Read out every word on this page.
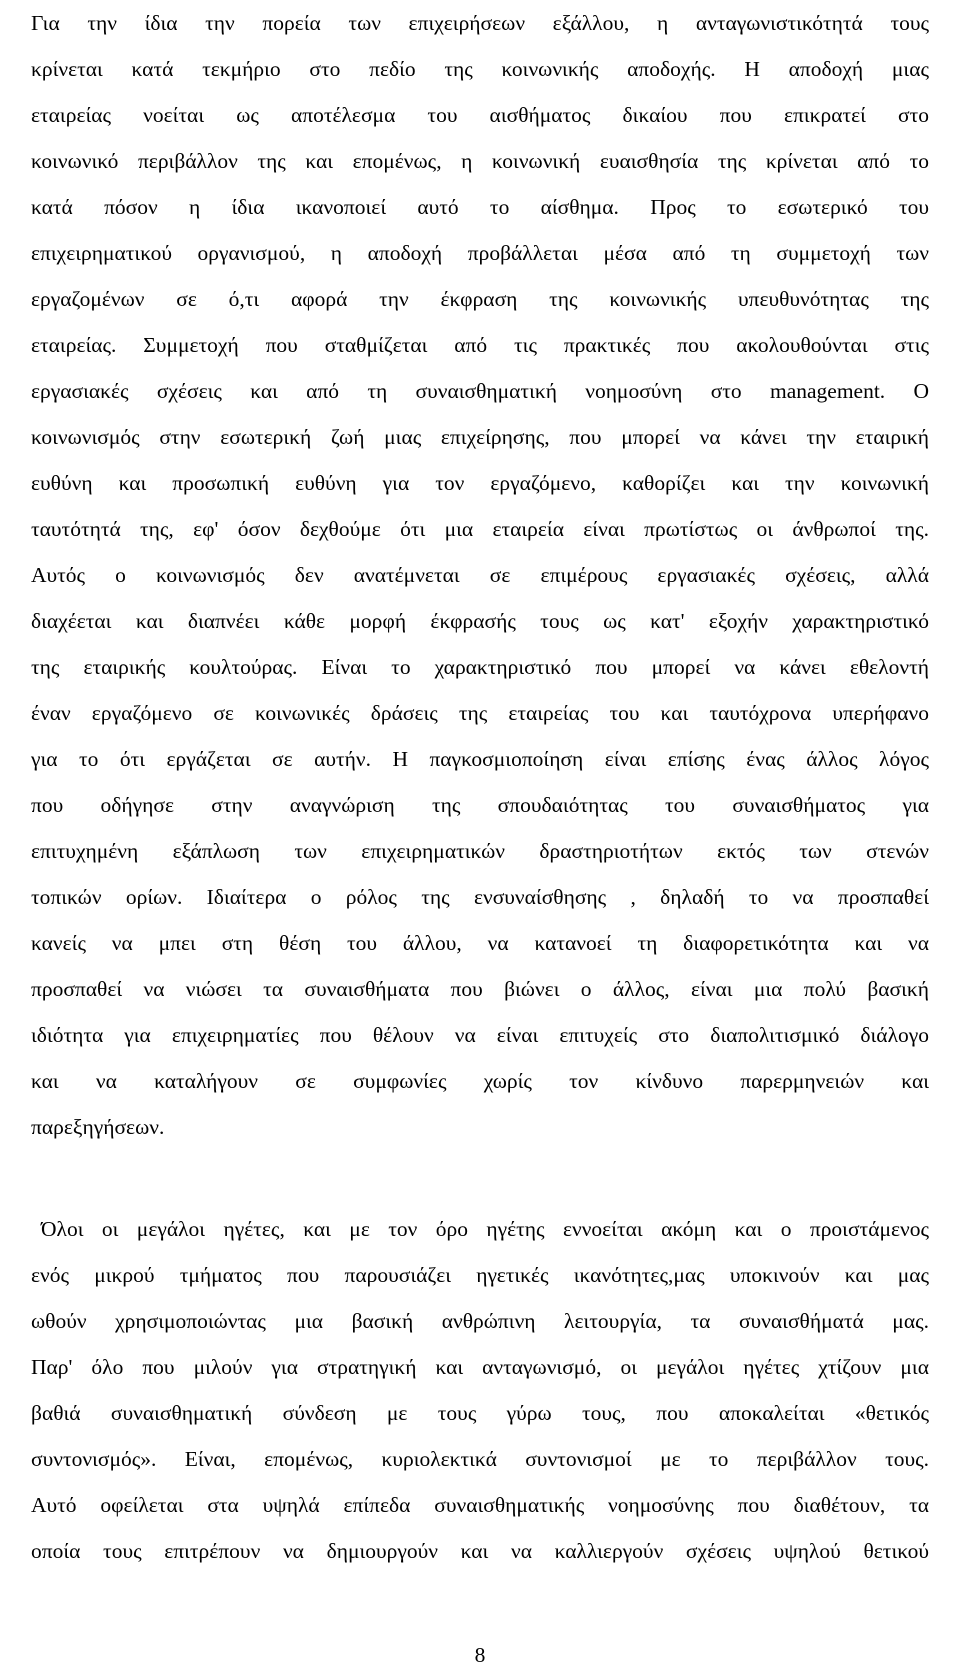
Για την ίδια την πορεία των επιχειρήσεων εξάλλου, η ανταγωνιστικότητά τους
κρίνεται κατά τεκμήριο στο πεδίο της κοινωνικής αποδοχής. Η αποδοχή μιας
εταιρείας νοείται ως αποτέλεσμα του αισθήματος δικαίου που επικρατεί στο
κοινωνικό περιβάλλον της και επομένως, η κοινωνική ευαισθησία της κρίνεται από το
κατά πόσον η ίδια ικανοποιεί αυτό το αίσθημα. Προς το εσωτερικό του
επιχειρηματικού οργανισμού, η αποδοχή προβάλλεται μέσα από τη συμμετοχή των
εργαζομένων σε ό,τι αφορά την έκφραση της κοινωνικής υπευθυνότητας της
εταιρείας. Συμμετοχή που σταθμίζεται από τις πρακτικές που ακολουθούνται στις
εργασιακές σχέσεις και από τη συναισθηματική νοημοσύνη στο management. Ο
κοινωνισμός στην εσωτερική ζωή μιας επιχείρησης, που μπορεί να κάνει την εταιρική
ευθύνη και προσωπική ευθύνη για τον εργαζόμενο, καθορίζει και την κοινωνική
ταυτότητά της, εφ' όσον δεχθούμε ότι μια εταιρεία είναι πρωτίστως οι άνθρωποί της.
Αυτός ο κοινωνισμός δεν ανατέμνεται σε επιμέρους εργασιακές σχέσεις, αλλά
διαχέεται και διαπνέει κάθε μορφή έκφρασής τους ως κατ' εξοχήν χαρακτηριστικό
της εταιρικής κουλτούρας. Είναι το χαρακτηριστικό που μπορεί να κάνει εθελοντή
έναν εργαζόμενο σε κοινωνικές δράσεις της εταιρείας του και ταυτόχρονα υπερήφανο
για το ότι εργάζεται σε αυτήν. Η παγκοσμιοποίηση είναι επίσης ένας άλλος λόγος
που οδήγησε στην αναγνώριση της σπουδαιότητας του συναισθήματος για
επιτυχημένη εξάπλωση των επιχειρηματικών δραστηριοτήτων εκτός των στενών
τοπικών ορίων. Ιδιαίτερα ο ρόλος της ενσυναίσθησης , δηλαδή το να προσπαθεί
κανείς να μπει στη θέση του άλλου, να κατανοεί τη διαφορετικότητα και να
προσπαθεί να νιώσει τα συναισθήματα που βιώνει ο άλλος, είναι μια πολύ βασική
ιδιότητα για επιχειρηματίες που θέλουν να είναι επιτυχείς στο διαπολιτισμικό διάλογο
και να καταλήγουν σε συμφωνίες χωρίς τον κίνδυνο παρερμηνειών και
παρεξηγήσεων.
Όλοι οι μεγάλοι ηγέτες, και με τον όρο ηγέτης εννοείται ακόμη και ο προιστάμενος
ενός μικρού τμήματος που παρουσιάζει ηγετικές ικανότητες,μας υποκινούν και μας
ωθούν χρησιμοποιώντας μια βασική ανθρώπινη λειτουργία, τα συναισθήματά μας.
Παρ' όλο που μιλούν για στρατηγική και ανταγωνισμό, οι μεγάλοι ηγέτες χτίζουν μια
βαθιά συναισθηματική σύνδεση με τους γύρω τους, που αποκαλείται «θετικός
συντονισμός». Είναι, επομένως, κυριολεκτικά συντονισμοί με το περιβάλλον τους.
Αυτό οφείλεται στα υψηλά επίπεδα συναισθηματικής νοημοσύνης που διαθέτουν, τα
οποία τους επιτρέπουν να δημιουργούν και να καλλιεργούν σχέσεις υψηλού θετικού
8
